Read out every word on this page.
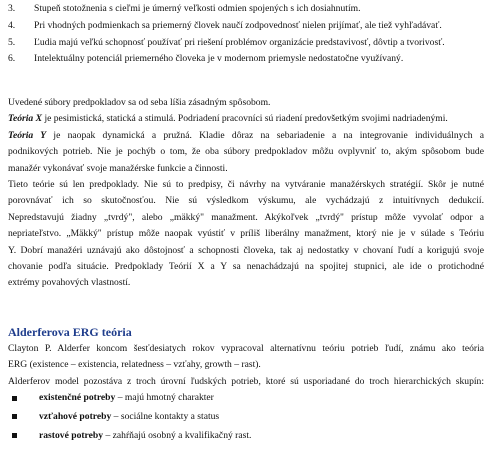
3. Stupeň stotožnenia s cieľmi je úmerný veľkosti odmien spojených s ich dosiahnutím.
4. Pri vhodných podmienkach sa priemerný človek naučí zodpovednosť nielen prijímať, ale tiež vyhľadávať.
5. Ľudia majú veľkú schopnosť používať pri riešení problémov organizácie predstavivosť, dôvtip a tvorivosť.
6. Intelektuálny potenciál priemerného človeka je v modernom priemysle nedostatočne využívaný.
Uvedené súbory predpokladov sa od seba líšia zásadným spôsobom.
Teória X je pesimistická, statická a stimulá. Podriadení pracovníci sú riadení predovšetkým svojimi nadriadenými.
Teória Y je naopak dynamická a pružná. Kladie dôraz na sebariadenie a na integrovanie individuálnych a
podnikových potrieb. Nie je pochýb o tom, že oba súbory predpokladov môžu ovplyvniť to, akým spôsobom bude
manažér vykonávať svoje manažérske funkcie a činnosti.
Tieto teórie sú len predpoklady. Nie sú to predpisy, či návrhy na vytváranie manažérskych stratégií. Skôr je nutné
porovnávať ich so skutočnosťou. Nie sú výsledkom výskumu, ale vychádzajú z intuitívnych dedukcií.
Nepredstavujú žiadny „tvrdý", alebo „mäkký" manažment. Akýkoľvek „tvrdý" prístup môže vyvolať odpor a
nepriateľstvo. „Mäkký" prístup môže naopak vyústiť v príliš liberálny manažment, ktorý nie je v súlade s Teóriu
Y. Dobrí manažéri uznávajú ako dôstojnosť a schopnosti človeka, tak aj nedostatky v chovaní ľudí a korigujú svoje
chovanie podľa situácie. Predpoklady Teórií X a Y sa nenachádzajú na spojitej stupnici, ale ide o protichodné
extrémy povahových vlastností.
Alderferova ERG teória
Clayton P. Alderfer koncom šesťdesiatych rokov vypracoval alternatívnu teóriu potrieb ľudí, známu ako teória
ERG (existence – existencia, relatedness – vzťahy, growth – rast).
Alderferov model pozostáva z troch úrovní ľudských potrieb, ktoré sú usporiadané do troch hierarchických skupín:
existenčné potreby – majú hmotný charakter
vzťahové potreby – sociálne kontakty a status
rastové potreby – zahŕňajú osobný a kvalifikačný rast.
